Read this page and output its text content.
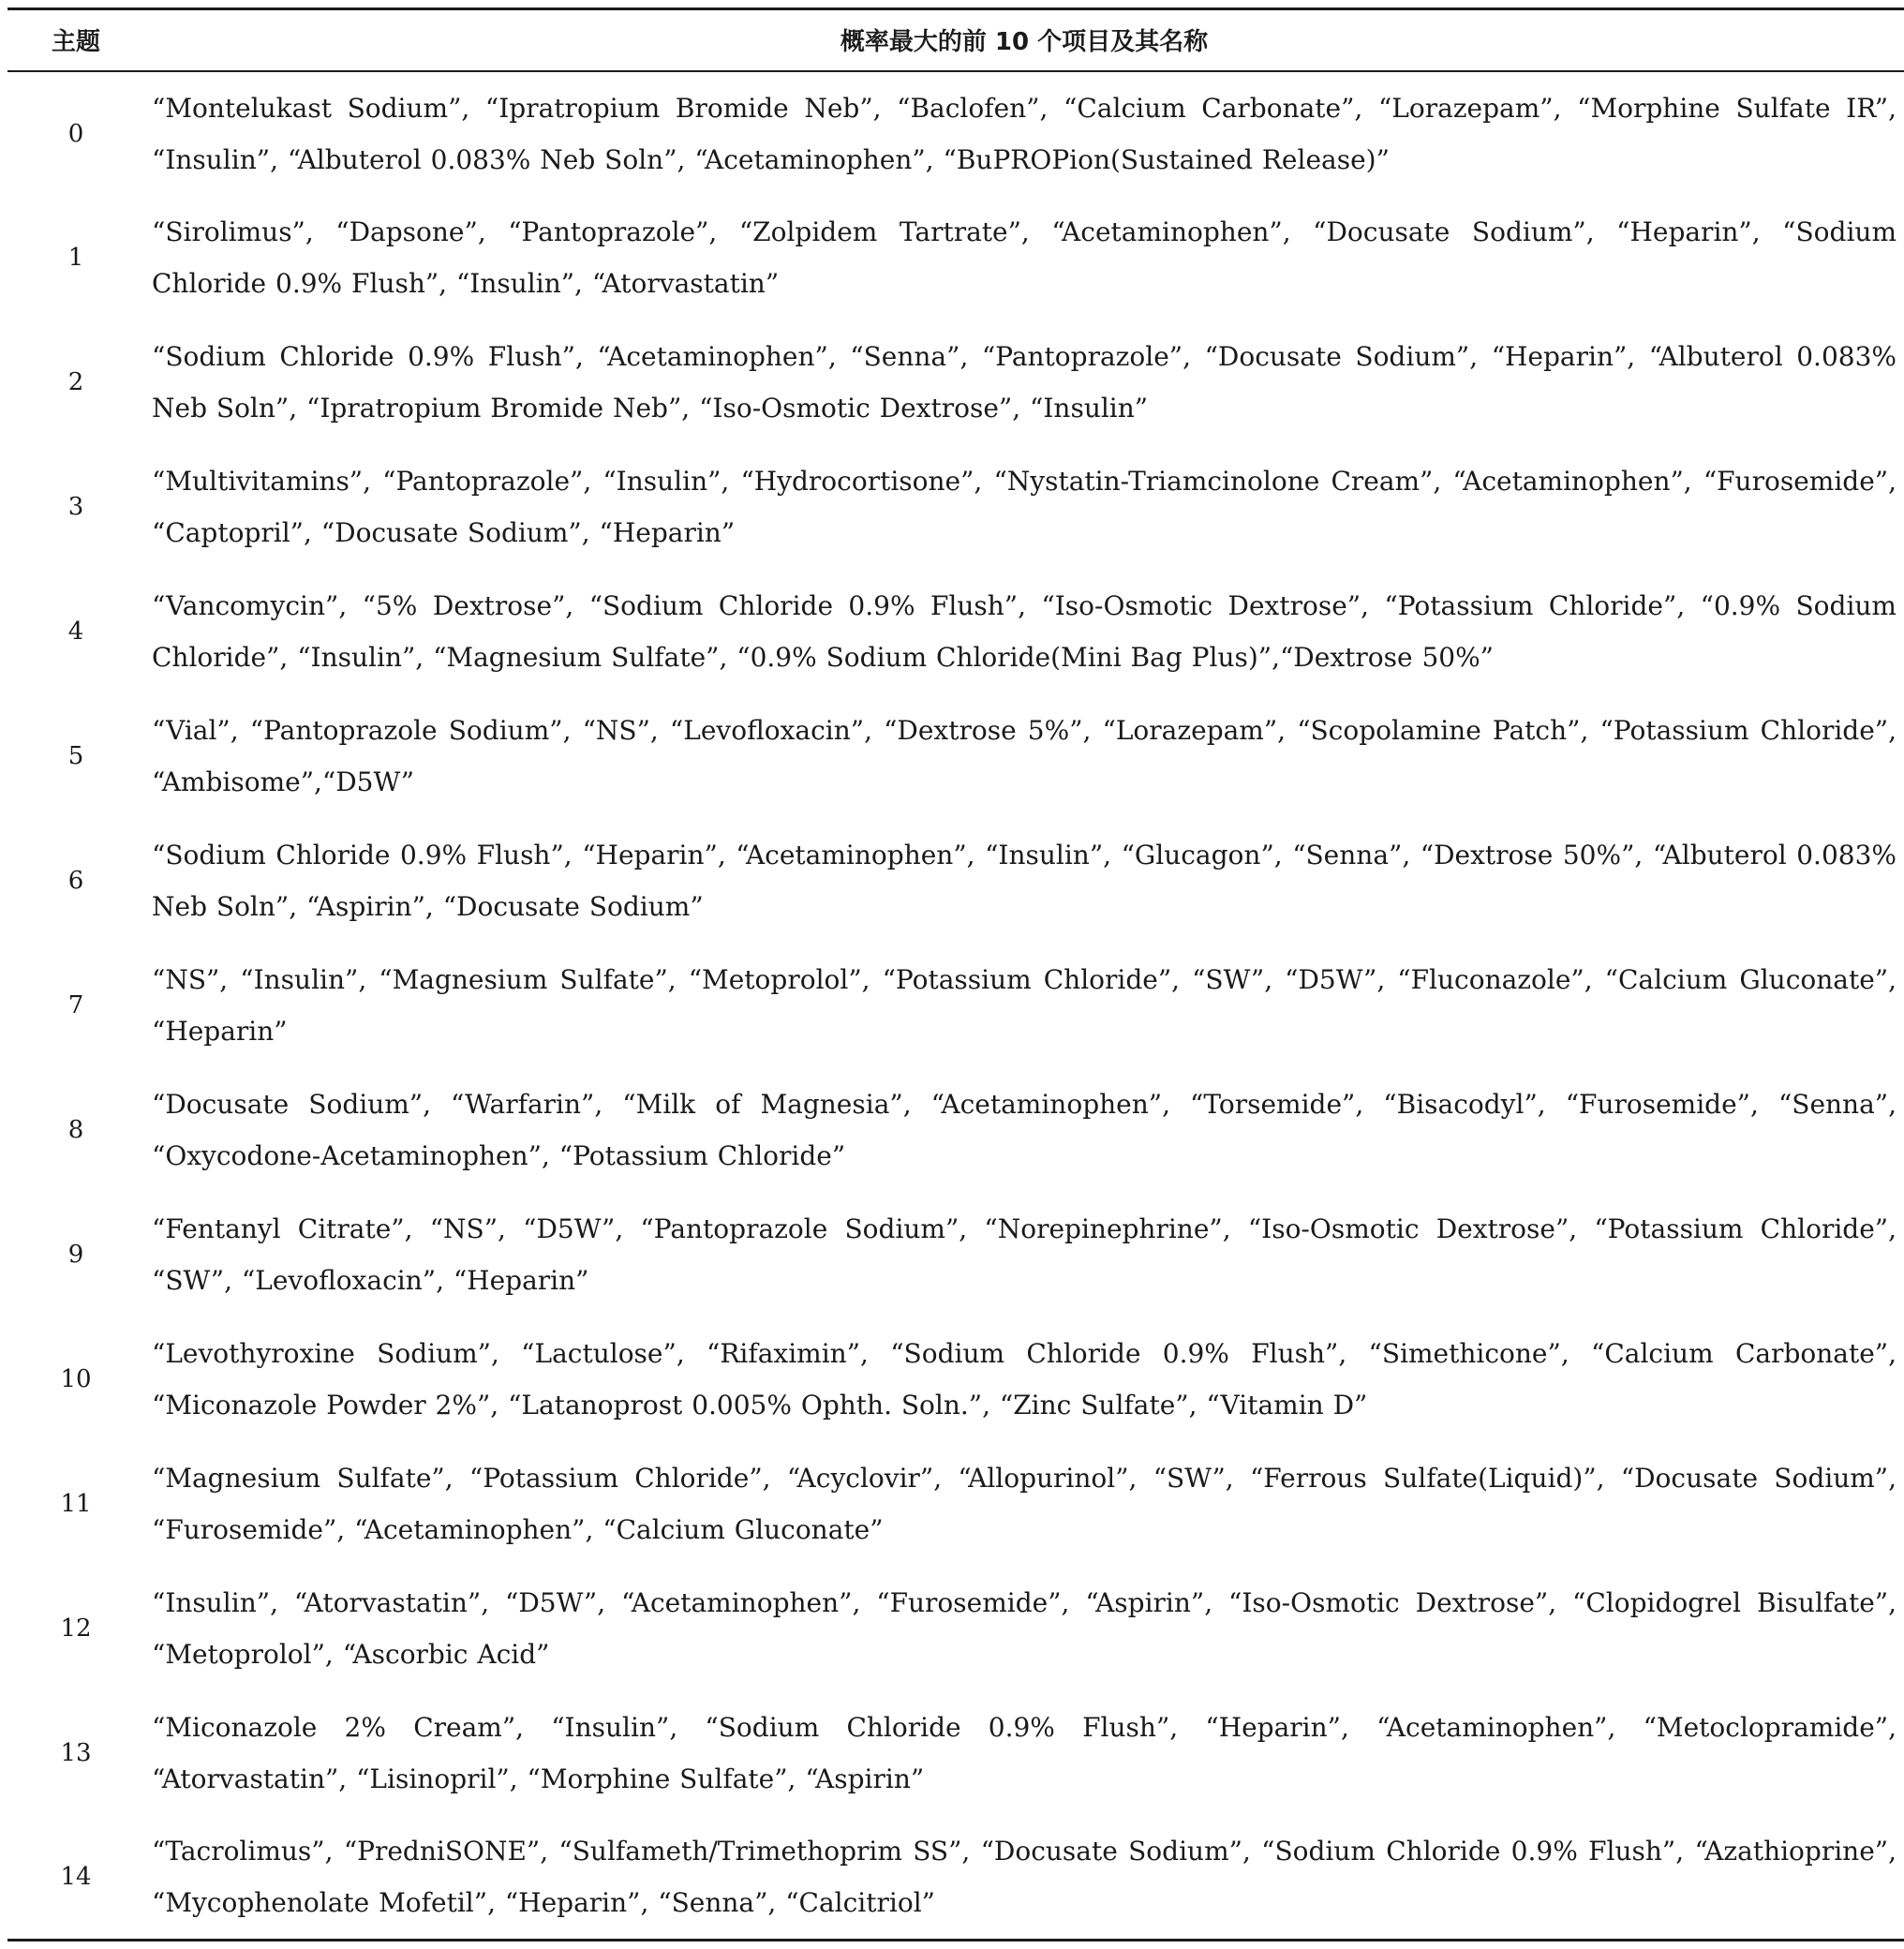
主题	概率最大的前 10 个项目及其名称
0	“Montelukast Sodium”, “Ipratropium Bromide Neb”, “Baclofen”, “Calcium Carbonate”, “Lorazepam”, “Morphine Sulfate IR”, “Insulin”, “Albuterol 0.083% Neb Soln”, “Acetaminophen”, “BuPROPion(Sustained Release)”
1	“Sirolimus”, “Dapsone”, “Pantoprazole”, “Zolpidem Tartrate”, “Acetaminophen”, “Docusate Sodium”, “Heparin”, “Sodium Chloride 0.9% Flush”, “Insulin”, “Atorvastatin”
2	“Sodium Chloride 0.9% Flush”, “Acetaminophen”, “Senna”, “Pantoprazole”, “Docusate Sodium”, “Heparin”, “Albuterol 0.083% Neb Soln”, “Ipratropium Bromide Neb”, “Iso-Osmotic Dextrose”, “Insulin”
3	“Multivitamins”, “Pantoprazole”, “Insulin”, “Hydrocortisone”, “Nystatin-Triamcinolone Cream”, “Acetaminophen”, “Furosemide”, “Captopril”, “Docusate Sodium”, “Heparin”
4	“Vancomycin”, “5% Dextrose”, “Sodium Chloride 0.9% Flush”, “Iso-Osmotic Dextrose”, “Potassium Chloride”, “0.9% Sodium Chloride”, “Insulin”, “Magnesium Sulfate”, “0.9% Sodium Chloride(Mini Bag Plus)”,“Dextrose 50%”
5	“Vial”, “Pantoprazole Sodium”, “NS”, “Levofloxacin”, “Dextrose 5%”, “Lorazepam”, “Scopolamine Patch”, “Potassium Chloride”, “Ambisome”,“D5W”
6	“Sodium Chloride 0.9% Flush”, “Heparin”, “Acetaminophen”, “Insulin”, “Glucagon”, “Senna”, “Dextrose 50%”, “Albuterol 0.083% Neb Soln”, “Aspirin”, “Docusate Sodium”
7	“NS”, “Insulin”, “Magnesium Sulfate”, “Metoprolol”, “Potassium Chloride”, “SW”, “D5W”, “Fluconazole”, “Calcium Gluconate”, “Heparin”
8	“Docusate Sodium”, “Warfarin”, “Milk of Magnesia”, “Acetaminophen”, “Torsemide”, “Bisacodyl”, “Furosemide”, “Senna”, “Oxycodone-Acetaminophen”, “Potassium Chloride”
9	“Fentanyl Citrate”, “NS”, “D5W”, “Pantoprazole Sodium”, “Norepinephrine”, “Iso-Osmotic Dextrose”, “Potassium Chloride”, “SW”, “Levofloxacin”, “Heparin”
10	“Levothyroxine Sodium”, “Lactulose”, “Rifaximin”, “Sodium Chloride 0.9% Flush”, “Simethicone”, “Calcium Carbonate”, “Miconazole Powder 2%”, “Latanoprost 0.005% Ophth. Soln.”, “Zinc Sulfate”, “Vitamin D”
11	“Magnesium Sulfate”, “Potassium Chloride”, “Acyclovir”, “Allopurinol”, “SW”, “Ferrous Sulfate(Liquid)”, “Docusate Sodium”, “Furosemide”, “Acetaminophen”, “Calcium Gluconate”
12	“Insulin”, “Atorvastatin”, “D5W”, “Acetaminophen”, “Furosemide”, “Aspirin”, “Iso-Osmotic Dextrose”, “Clopidogrel Bisulfate”, “Metoprolol”, “Ascorbic Acid”
13	“Miconazole 2% Cream”, “Insulin”, “Sodium Chloride 0.9% Flush”, “Heparin”, “Acetaminophen”, “Metoclopramide”, “Atorvastatin”, “Lisinopril”, “Morphine Sulfate”, “Aspirin”
14	“Tacrolimus”, “PredniSONE”, “Sulfameth/Trimethoprim SS”, “Docusate Sodium”, “Sodium Chloride 0.9% Flush”, “Azathioprine”, “Mycophenolate Mofetil”, “Heparin”, “Senna”, “Calcitriol”
